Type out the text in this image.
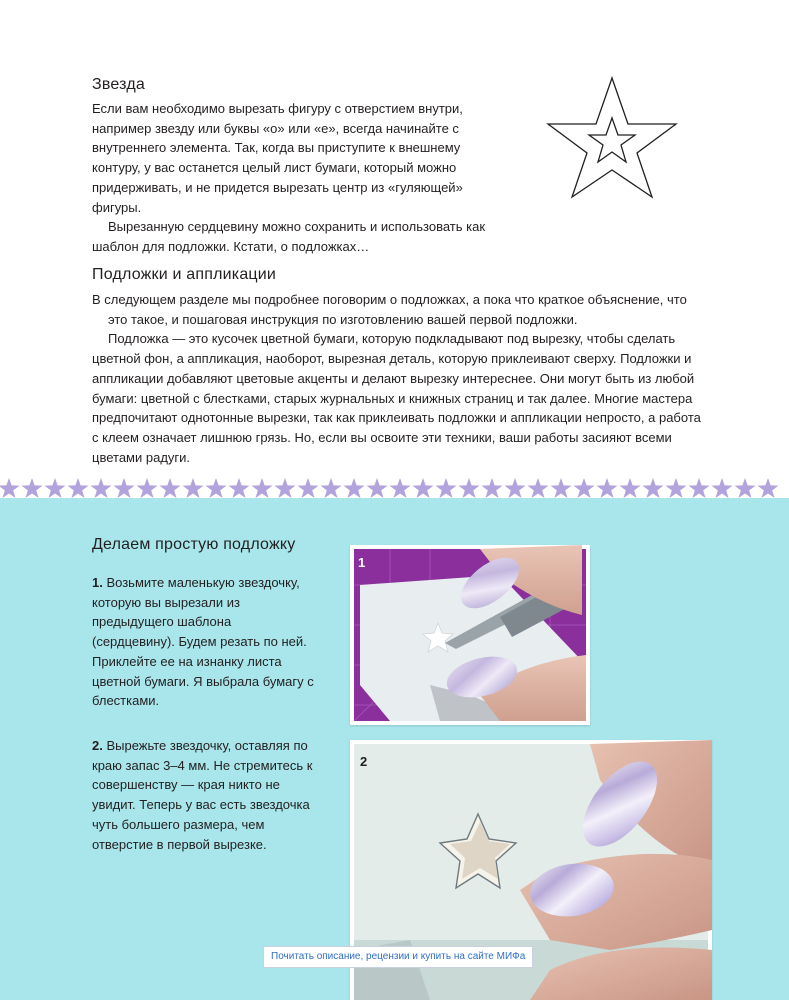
Звезда

Если вам необходимо вырезать фигуру с отверстием внутри, например звезду или буквы «о» или «е», всегда начинайте с внутреннего элемента. Так, когда вы приступите к внешнему контуру, у вас останется целый лист бумаги, который можно придерживать, и не придется вырезать центр из «гуляющей» фигуры.

Вырезанную сердцевину можно сохранить и использовать как шаблон для подложки. Кстати, о подложках…

Подложки и аппликации

В следующем разделе мы подробнее поговорим о подложках, а пока что краткое объяснение, что это такое, и пошаговая инструкция по изготовлению вашей первой подложки.

Подложка — это кусочек цветной бумаги, которую подкладывают под вырезку, чтобы сделать цветной фон, а аппликация, наоборот, вырезная деталь, которую приклеивают сверху. Подложки и аппликации добавляют цветовые акценты и делают вырезку интереснее. Они могут быть из любой бумаги: цветной с блестками, старых журнальных и книжных страниц и так далее. Многие мастера предпочитают однотонные вырезки, так как приклеивать подложки и аппликации непросто, а работа с клеем означает лишнюю грязь. Но, если вы освоите эти техники, ваши работы засияют всеми цветами радуги.

Делаем простую подложку
1. Возьмите маленькую звездочку, которую вы вырезали из предыдущего шаблона (сердцевину). Будем резать по ней. Приклейте ее на изнанку листа цветной бумаги. Я выбрала бумагу с блестками.
2. Вырежьте звездочку, оставляя по краю запас 3–4 мм. Не стремитесь к совершенству — края никто не увидит. Теперь у вас есть звездочка чуть большего размера, чем отверстие в первой вырезке.
1
2
Почитать описание, рецензии и купить на сайте МИФа
